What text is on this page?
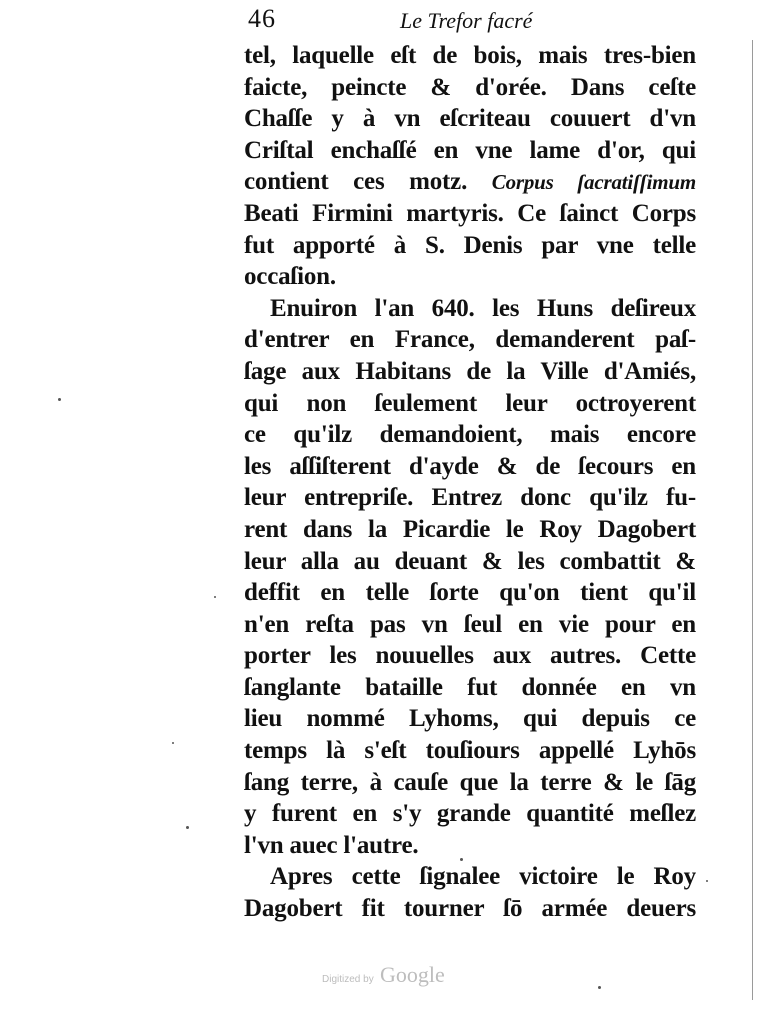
46	Le Trefor facré
tel, laquelle eſt de bois, mais tres-bien
faicte, peincte & d'orée. Dans ceſte
Chaſſe y à vn eſcriteau couuert d'vn
Criſtal enchaſſé en vne lame d'or, qui
contient ces motz. Corpus ſacratiſſimum
Beati Firmini martyris. Ce ſainct Corps
fut apporté à S. Denis par vne telle
occaſion.
Enuiron l'an 640. les Huns deſireux
d'entrer en France, demanderent paſ-
ſage aux Habitans de la Ville d'Amiés,
qui non ſeulement leur octroyerent
ce qu'ilz demandoient, mais encore
les aſſiſterent d'ayde & de ſecours en
leur entrepriſe. Entrez donc qu'ilz fu-
rent dans la Picardie le Roy Dagobert
leur alla au deuant & les combattit &
deffit en telle ſorte qu'on tient qu'il
n'en reſta pas vn ſeul en vie pour en
porter les nouuelles aux autres. Cette
ſanglante bataille fut donnée en vn
lieu nommé Lyhoms, qui depuis ce
temps là s'eſt touſiours appellé Lyhōs
ſang terre, à cauſe que la terre & le ſāg
y furent en s'y grande quantité meſlez
l'vn auec l'autre.
Apres cette ſignalee victoire le Roy
Dagobert fit tourner ſō armée deuers
Digitized by Google
